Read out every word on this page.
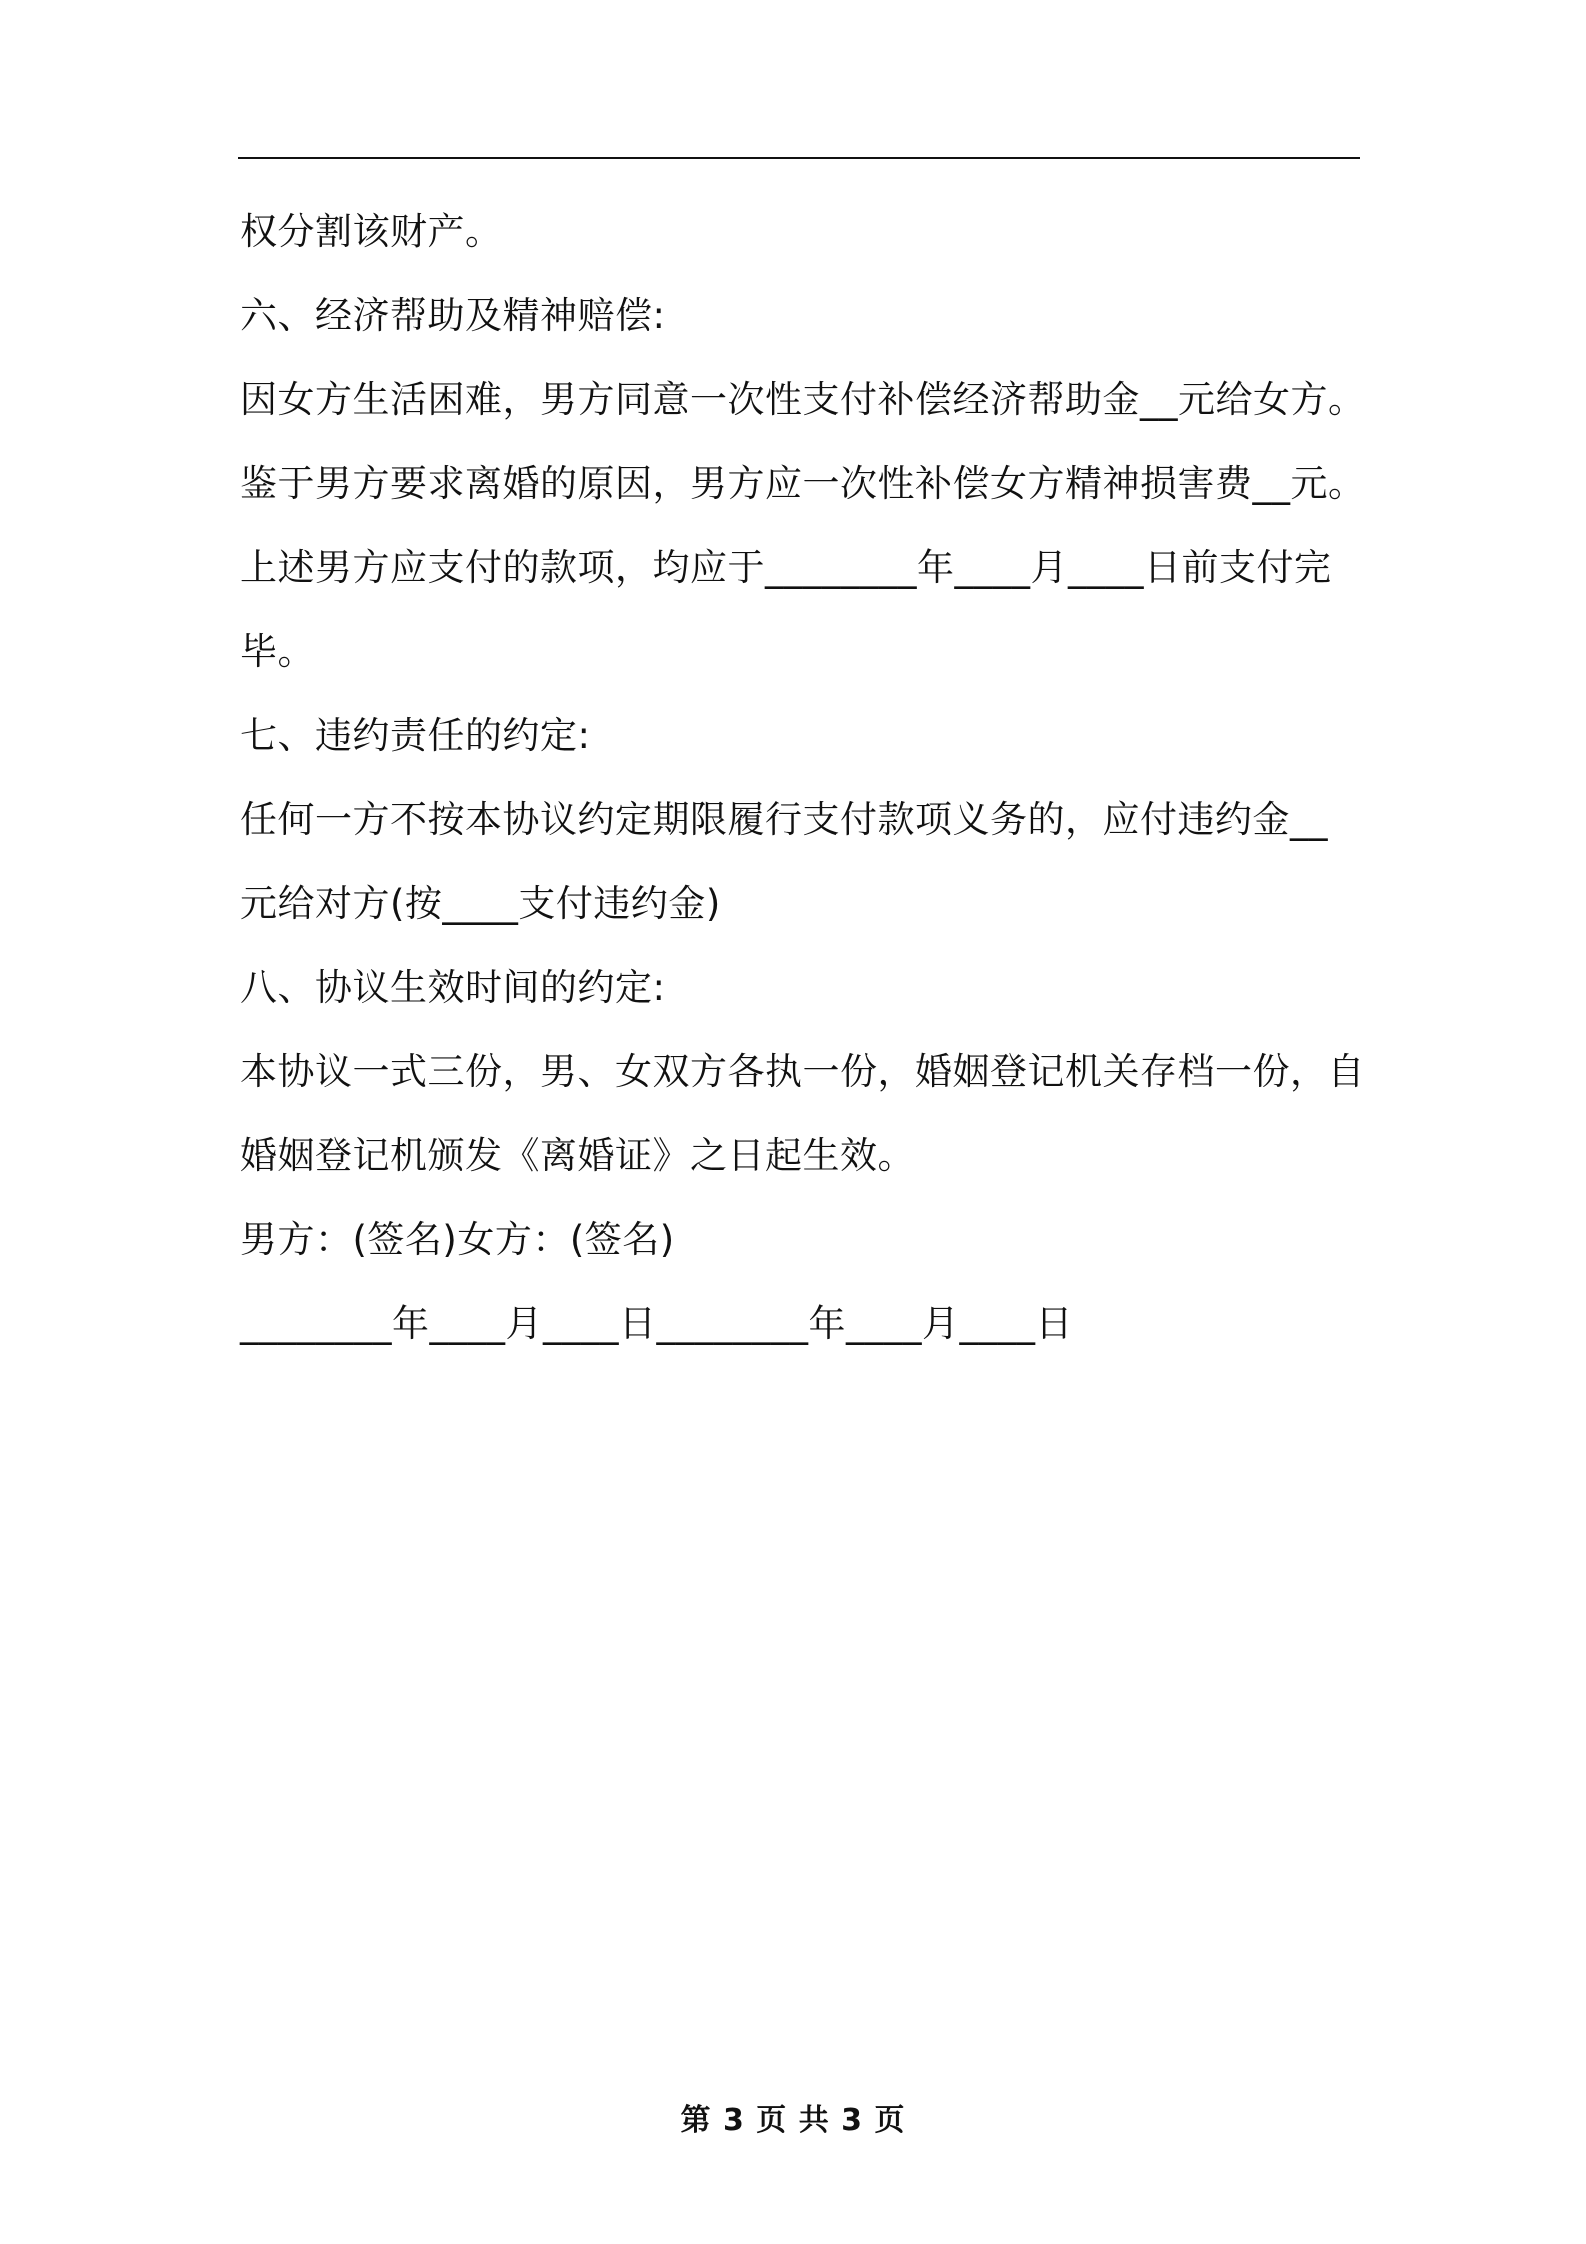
权分割该财产。
六、经济帮助及精神赔偿:
因女方生活困难，男方同意一次性支付补偿经济帮助金__元给女方。
鉴于男方要求离婚的原因，男方应一次性补偿女方精神损害费__元。
上述男方应支付的款项，均应于________年____月____日前支付完
毕。
七、违约责任的约定:
任何一方不按本协议约定期限履行支付款项义务的，应付违约金__
元给对方(按____支付违约金)
八、协议生效时间的约定:
本协议一式三份，男、女双方各执一份，婚姻登记机关存档一份，自
婚姻登记机颁发《离婚证》之日起生效。
男方：(签名)女方：(签名)
________年____月____日________年____月____日
第 3 页 共 3 页
